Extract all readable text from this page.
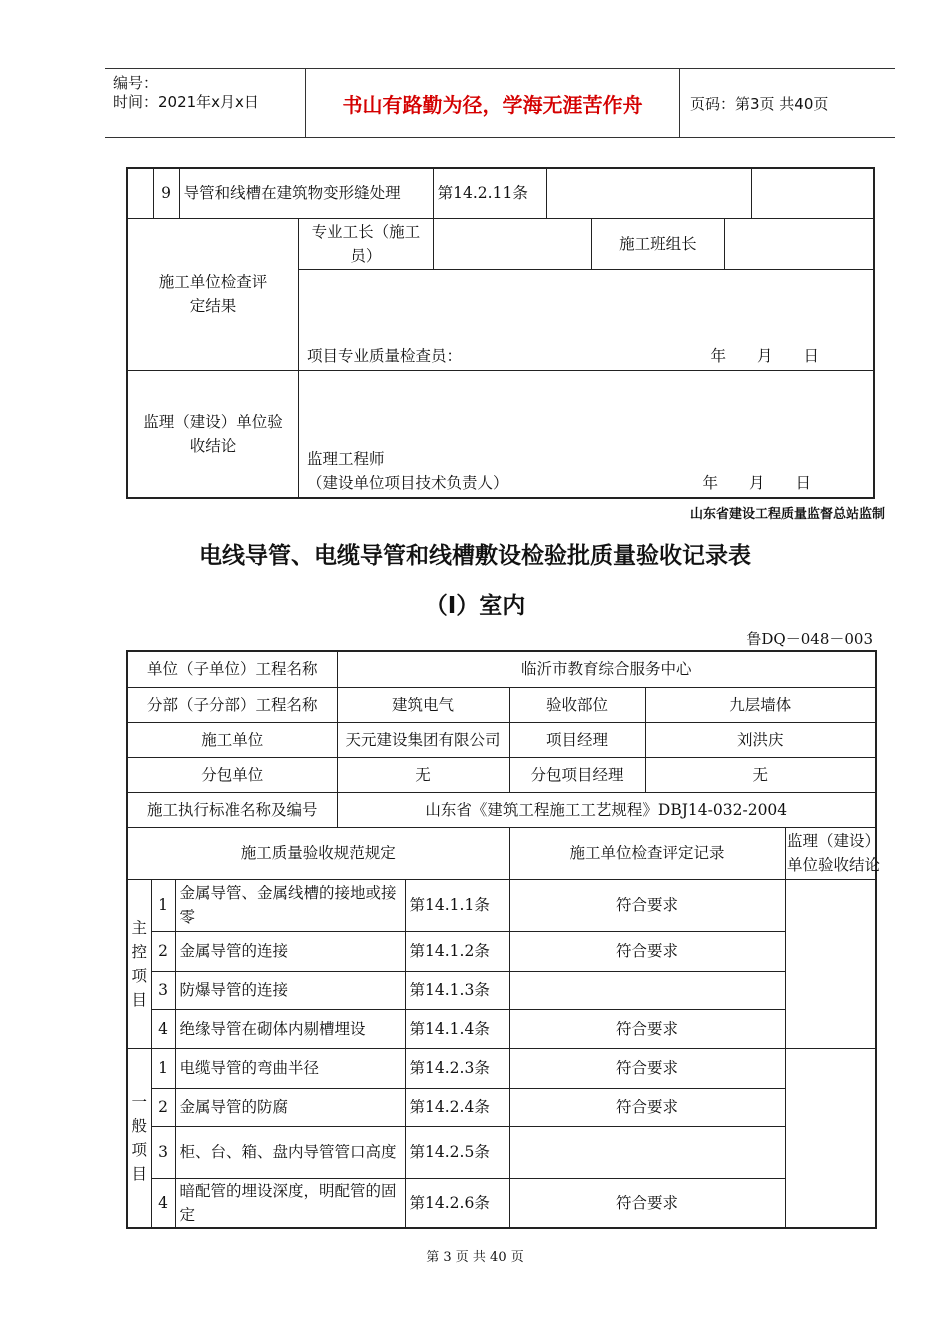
编号：
时间：2021年x月x日	书山有路勤为径，学海无涯苦作舟	页码：第3页 共40页
	9	导管和线槽在建筑物变形缝处理		第14.2.11条				

施工单位检查评定结果			专业工长（施工员）			施工班组长		
			项目专业质量检查员： 年　　月　　日					

监理（建设）单位验收结论			监理工程师
（建设单位项目技术负责人） 年　　月　　日					
山东省建设工程质量监督总站监制
电线导管、电缆导管和线槽敷设检验批质量验收记录表
（Ⅰ）室内
鲁DQ－048－003
单位（子单位）工程名称			临沂市教育综合服务中心				
分部（子分部）工程名称			建筑电气		验收部位	九层墙体	
施工单位			天元建设集团有限公司		项目经理	刘洪庆	
分包单位			无		分包项目经理	无	
施工执行标准名称及编号			山东省《建筑工程施工工艺规程》DBJ14-032-2004				
施工质量验收规范规定					施工单位检查评定记录		监理（建设）单位验收结论

主控项目	1	金属导管、金属线槽的接地或接零		第14.1.1条	符合要求		
	2	金属导管的连接		第14.1.2条	符合要求		
	3	防爆导管的连接		第14.1.3条			
	4	绝缘导管在砌体内剔槽埋设		第14.1.4条	符合要求		

一般项目	1	电缆导管的弯曲半径		第14.2.3条	符合要求		
	2	金属导管的防腐		第14.2.4条	符合要求		
	3	柜、台、箱、盘内导管管口高度		第14.2.5条			
	4	暗配管的埋设深度，明配管的固定		第14.2.6条	符合要求		
第 3 页 共 40 页
